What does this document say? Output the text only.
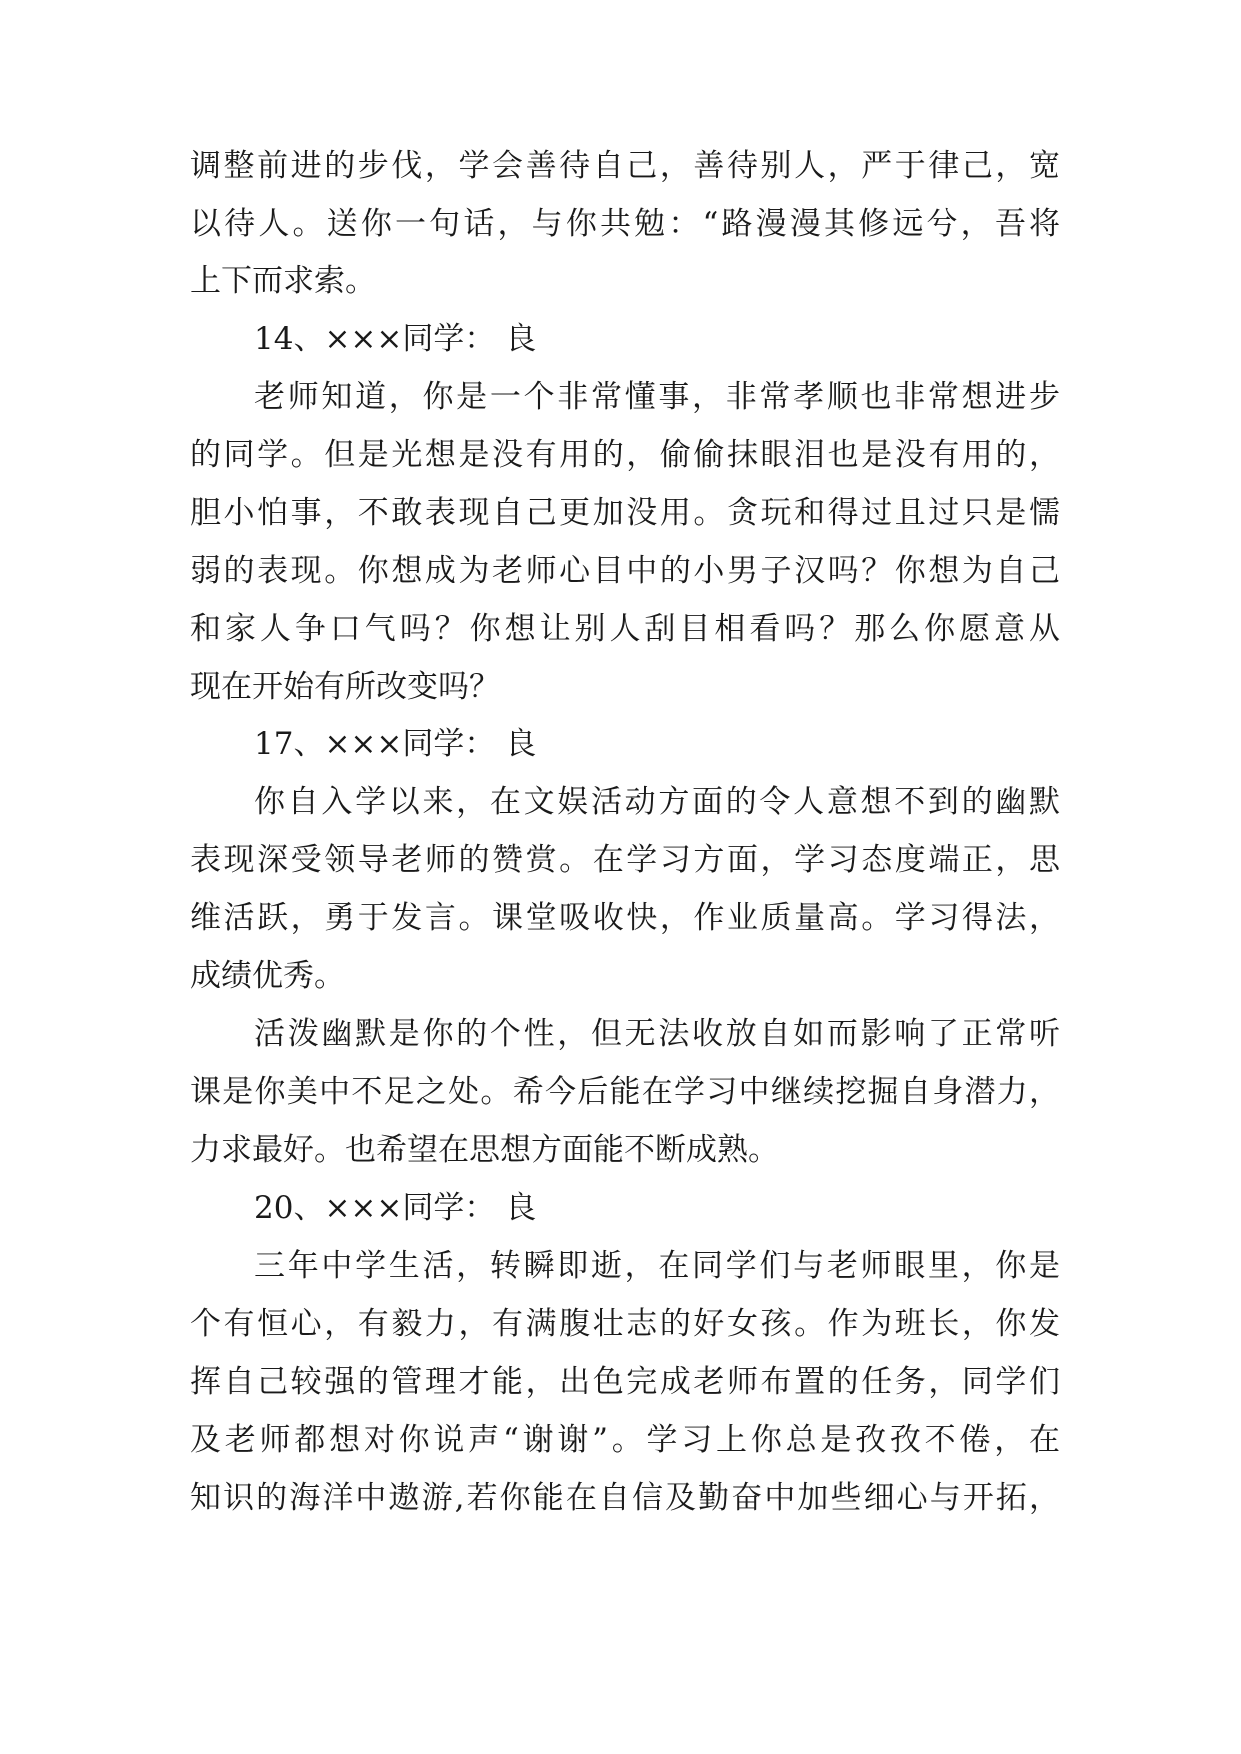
调整前进的步伐，学会善待自己，善待别人，严于律己，宽
以待人。送你一句话，与你共勉：“路漫漫其修远兮，吾将
上下而求索。
14、×××同学： 良
老师知道，你是一个非常懂事，非常孝顺也非常想进步
的同学。但是光想是没有用的，偷偷抹眼泪也是没有用的，
胆小怕事，不敢表现自己更加没用。贪玩和得过且过只是懦
弱的表现。你想成为老师心目中的小男子汉吗？你想为自己
和家人争口气吗？你想让别人刮目相看吗？那么你愿意从
现在开始有所改变吗？
17、×××同学： 良
你自入学以来，在文娱活动方面的令人意想不到的幽默
表现深受领导老师的赞赏。在学习方面，学习态度端正，思
维活跃，勇于发言。课堂吸收快，作业质量高。学习得法，
成绩优秀。
活泼幽默是你的个性，但无法收放自如而影响了正常听
课是你美中不足之处。希今后能在学习中继续挖掘自身潜力，
力求最好。也希望在思想方面能不断成熟。
20、×××同学： 良
三年中学生活，转瞬即逝，在同学们与老师眼里，你是
个有恒心，有毅力，有满腹壮志的好女孩。作为班长，你发
挥自己较强的管理才能，出色完成老师布置的任务，同学们
及老师都想对你说声“谢谢”。学习上你总是孜孜不倦，在
知识的海洋中遨游,若你能在自信及勤奋中加些细心与开拓，
